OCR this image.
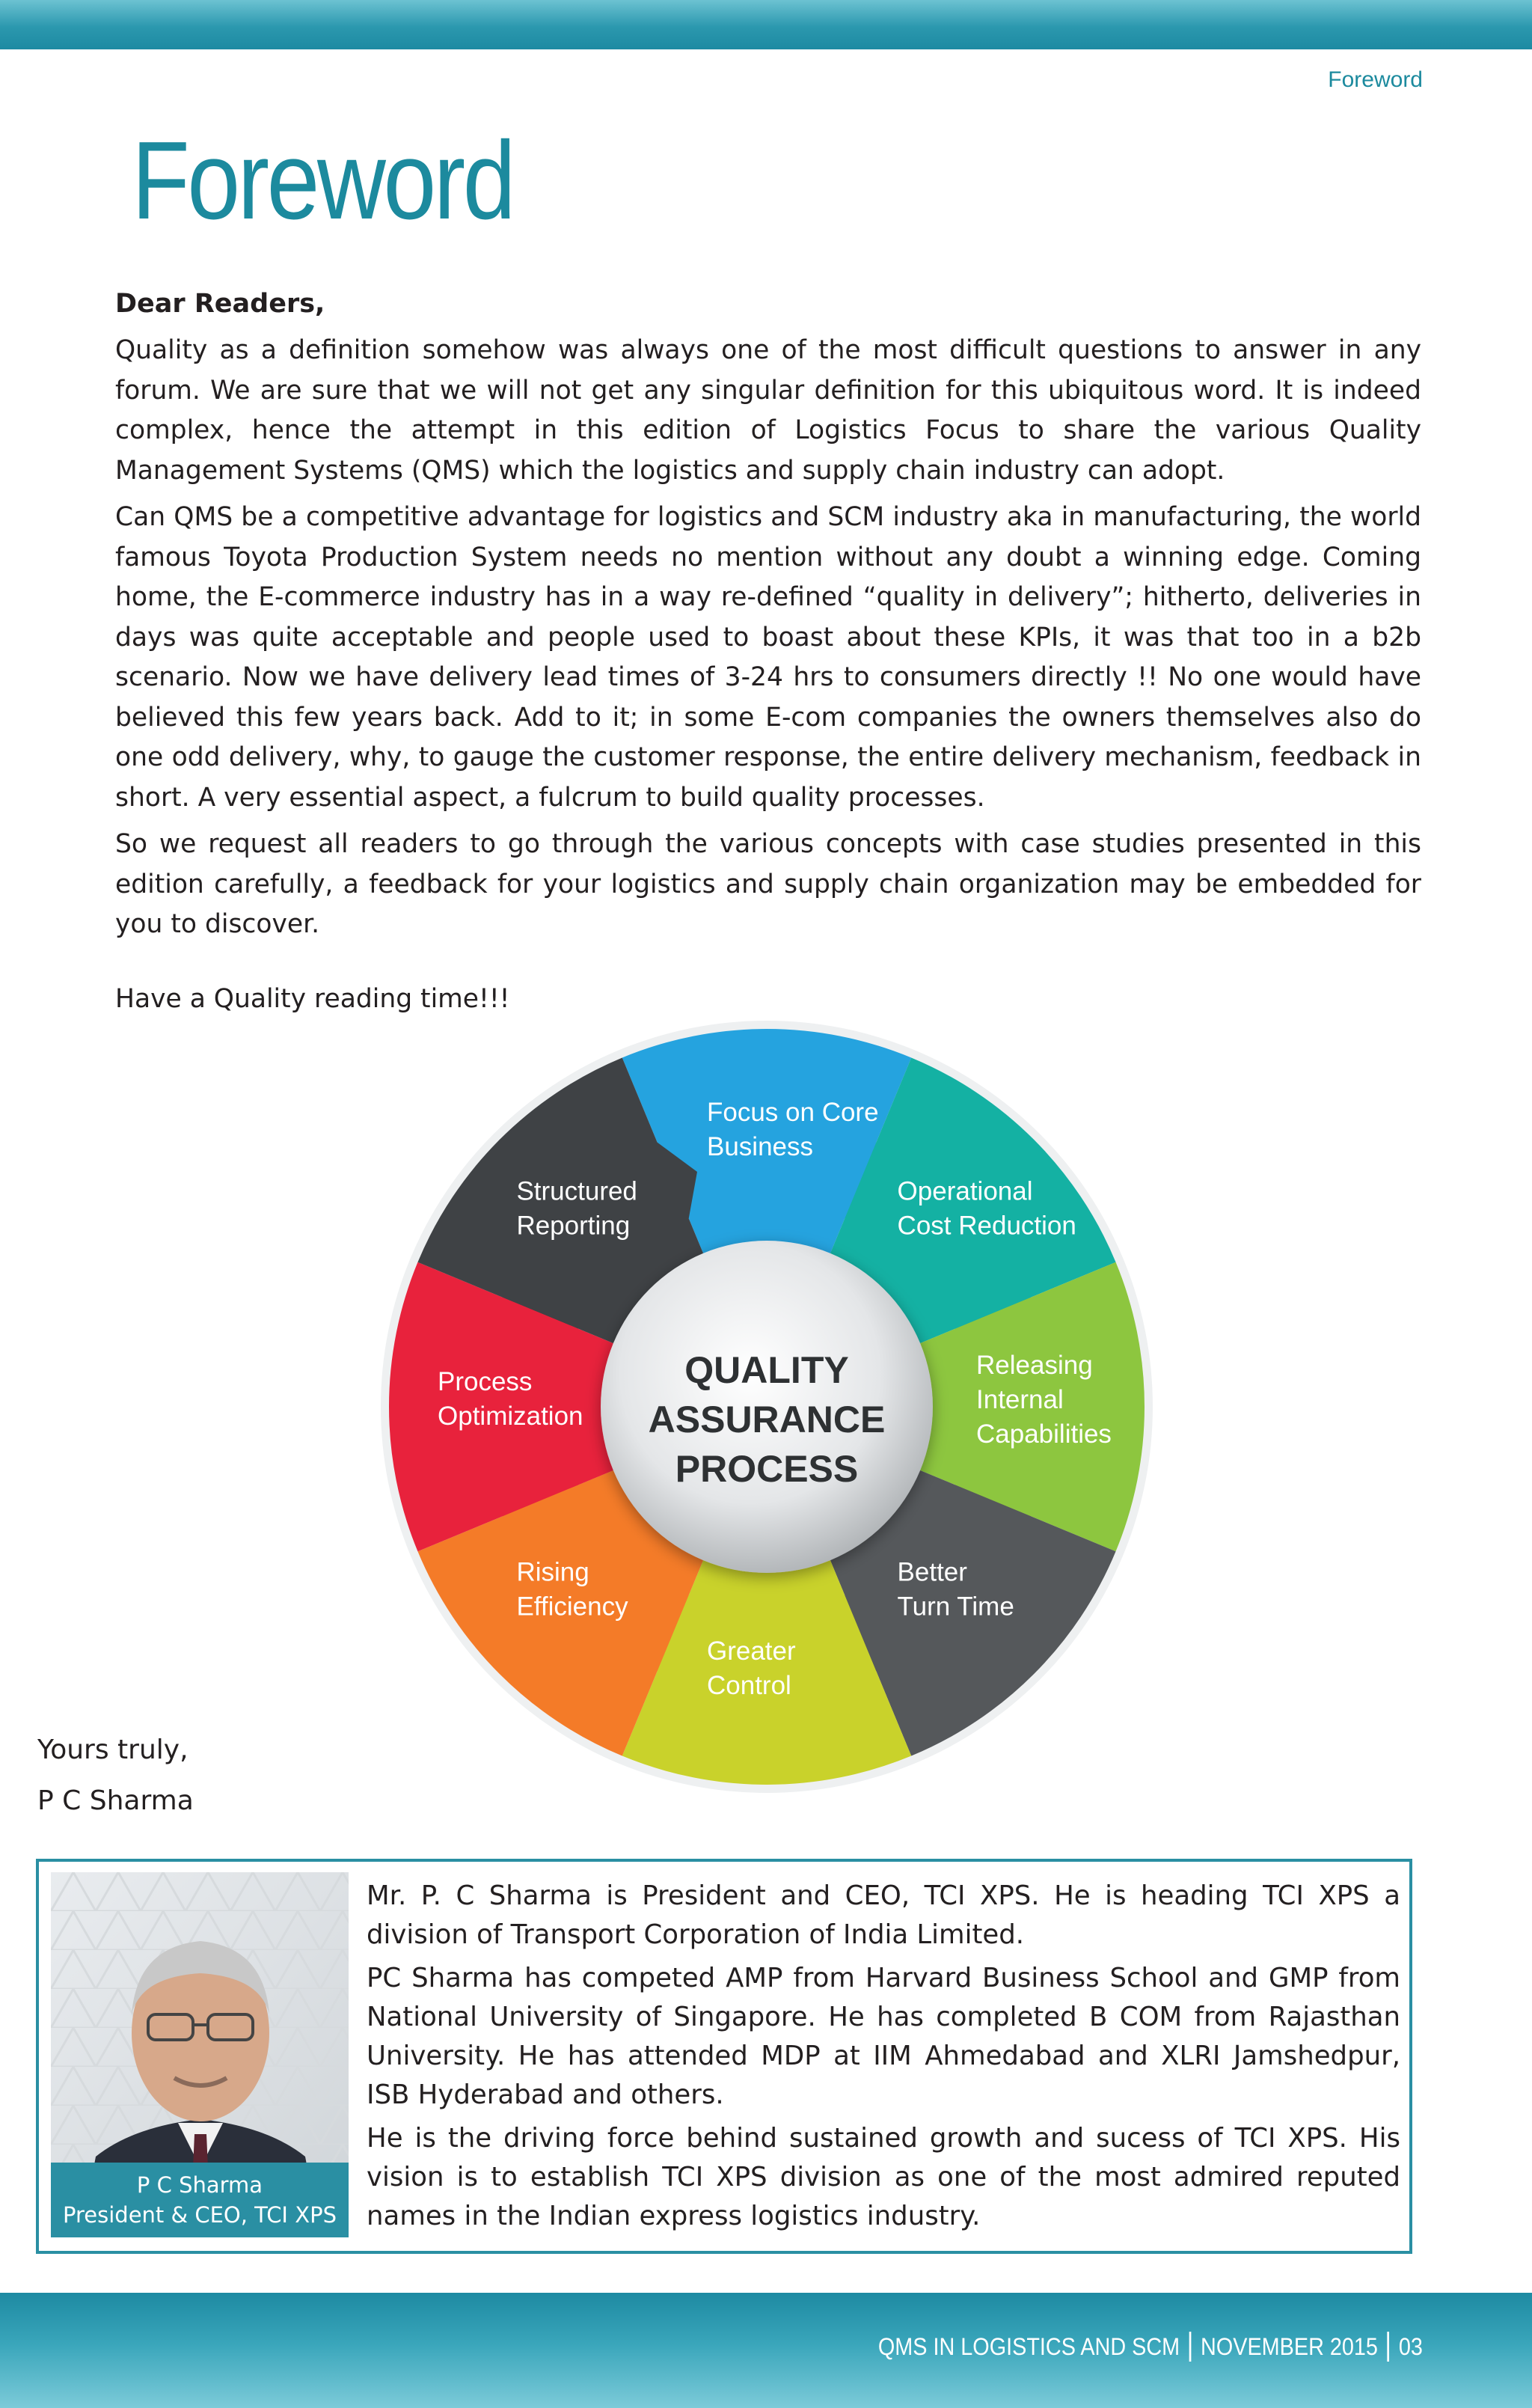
Foreword
Foreword
Dear Readers,

Quality as a definition somehow was always one of the most difficult questions to answer in any forum. We are sure that we will not get any singular definition for this ubiquitous word. It is indeed complex, hence the attempt in this edition of Logistics Focus to share the various Quality Management Systems (QMS) which the logistics and supply chain industry can adopt.

Can QMS be a competitive advantage for logistics and SCM industry aka in manufacturing, the world famous Toyota Production System needs no mention without any doubt a winning edge. Coming home, the E-commerce industry has in a way re-defined “quality in delivery”; hitherto, deliveries in days was quite acceptable and people used to boast about these KPIs, it was that too in a b2b scenario. Now we have delivery lead times of 3-24 hrs to consumers directly !! No one would have believed this few years back. Add to it; in some E-com companies the owners themselves also do one odd delivery, why, to gauge the customer response, the entire delivery mechanism, feedback in short. A very essential aspect, a fulcrum to build quality processes.

So we request all readers to go through the various concepts with case studies presented in this edition carefully, a feedback for your logistics and supply chain organization may be embedded for you to discover.

Have a Quality reading time!!!

QUALITY
ASSURANCE
PROCESS
Focus on Core Business
Operational Cost Reduction
Releasing Internal Capabilities
Better Turn Time
Greater Control
Rising Efficiency
Process Optimization
Structured Reporting
Yours truly,
P C Sharma
P C Sharma
President & CEO, TCI XPS

Mr. P. C Sharma is President and CEO, TCI XPS. He is heading TCI XPS a division of Transport Corporation of India Limited.

PC Sharma has competed AMP from Harvard Business School and GMP from National University of Singapore. He has completed B COM from Rajasthan University. He has attended MDP at IIM Ahmedabad and XLRI Jamshedpur, ISB Hyderabad and others.

He is the driving force behind sustained growth and sucess of TCI XPS. His vision is to establish TCI XPS division as one of the most admired reputed names in the Indian express logistics industry.

QMS IN LOGISTICS AND SCM NOVEMBER 2015 03
